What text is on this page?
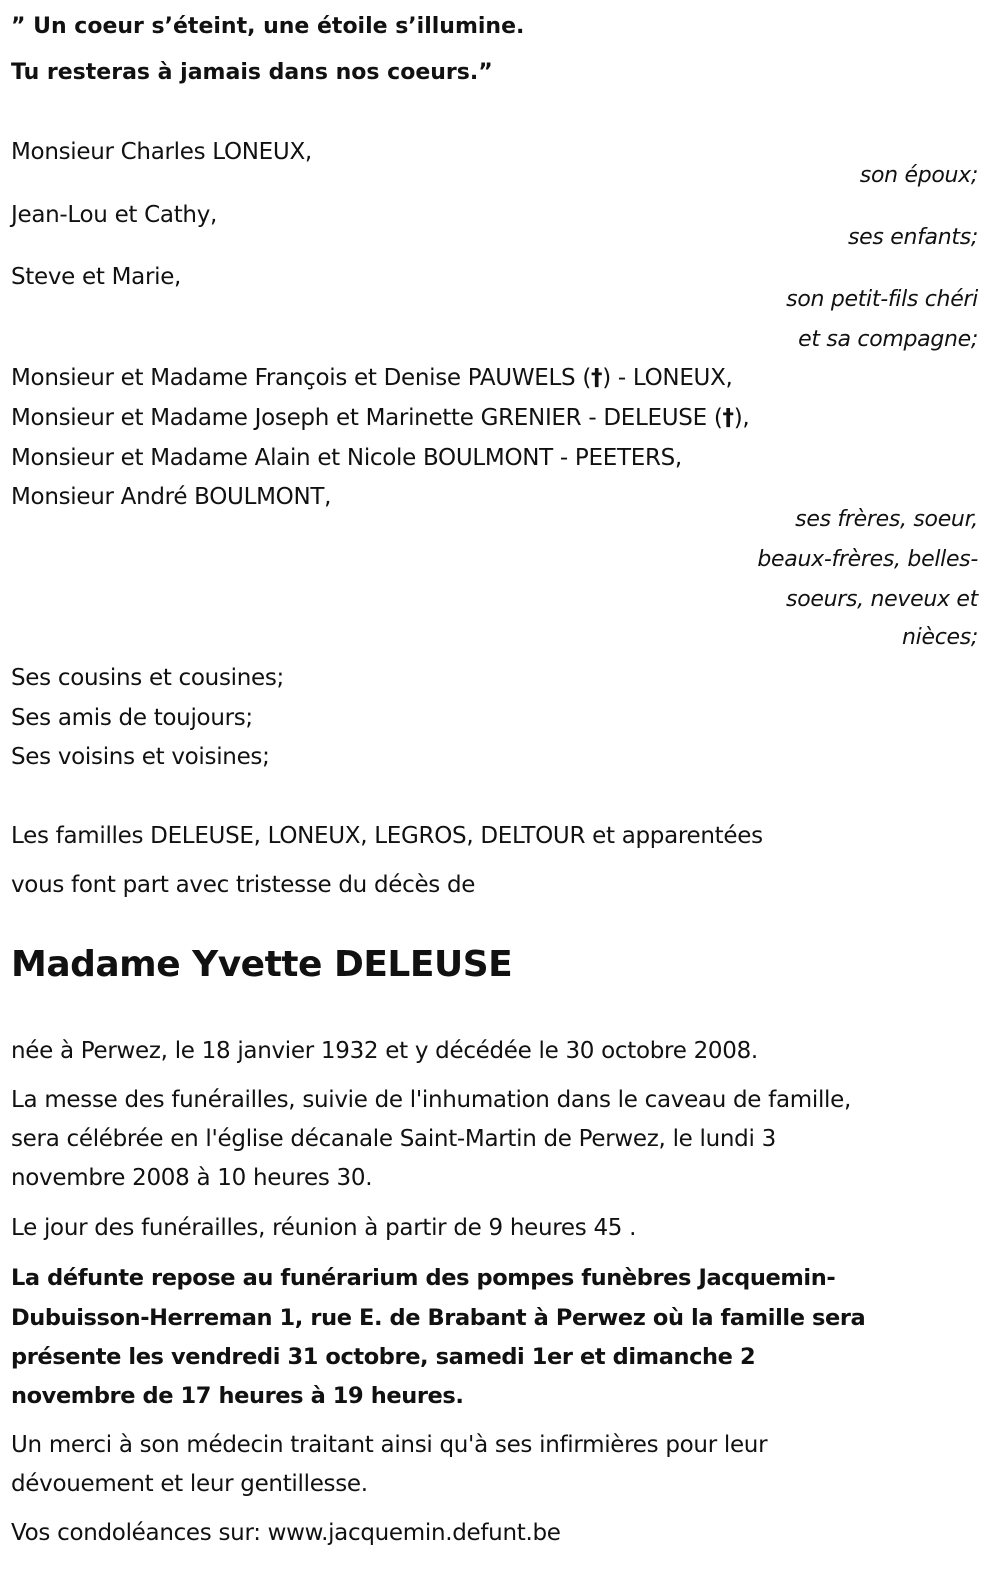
ˮ Un coeur s’éteint, une étoile s’illumine.
Tu resteras à jamais dans nos coeurs.ˮ
Monsieur Charles LONEUX,
son époux;
Jean-Lou et Cathy,
ses enfants;
Steve et Marie,
son petit-fils chéri
et sa compagne;
Monsieur et Madame François et Denise PAUWELS (†) - LONEUX,
Monsieur et Madame Joseph et Marinette GRENIER - DELEUSE (†),
Monsieur et Madame Alain et Nicole BOULMONT - PEETERS,
Monsieur André BOULMONT,
ses frères, soeur,
beaux-frères, belles-
soeurs, neveux et
nièces;
Ses cousins et cousines;
Ses amis de toujours;
Ses voisins et voisines;
Les familles DELEUSE, LONEUX, LEGROS, DELTOUR et apparentées
vous font part avec tristesse du décès de
Madame Yvette DELEUSE
née à Perwez, le 18 janvier 1932 et y décédée le 30 octobre 2008.
La messe des funérailles, suivie de l'inhumation dans le caveau de famille,
sera célébrée en l'église décanale Saint-Martin de Perwez, le lundi 3
novembre 2008 à 10 heures 30.
Le jour des funérailles, réunion à partir de 9 heures 45 .
La défunte repose au funérarium des pompes funèbres Jacquemin-
Dubuisson-Herreman 1, rue E. de Brabant à Perwez où la famille sera
présente les vendredi 31 octobre, samedi 1er et dimanche 2
novembre de 17 heures à 19 heures.
Un merci à son médecin traitant ainsi qu'à ses infirmières pour leur
dévouement et leur gentillesse.
Vos condoléances sur: www.jacquemin.defunt.be
